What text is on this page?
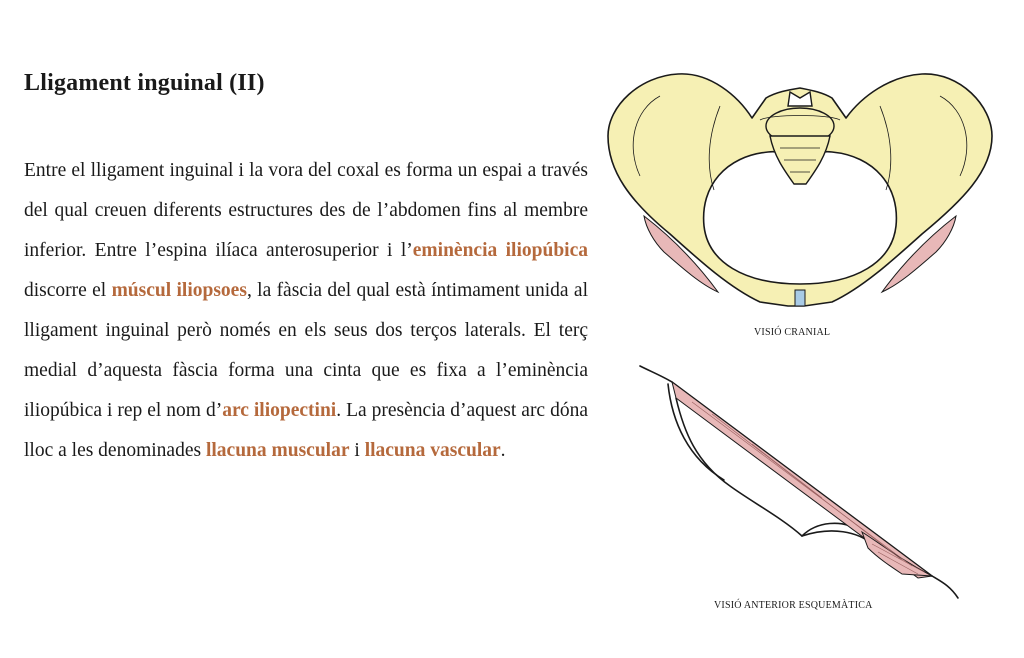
Lligament inguinal (II)
Entre el lligament inguinal i la vora del coxal es forma un espai a través del qual creuen diferents estructures des de l’abdomen fins al membre inferior. Entre l’espina ilíaca anterosuperior i l’eminència iliopúbica discorre el múscul iliopsoes, la fàscia del qual està íntimament unida al lligament inguinal però només en els seus dos terços laterals. El terç medial d’aquesta fàscia forma una cinta que es fixa a l’eminència iliopúbica i rep el nom d’arc iliopectini. La presència d’aquest arc dóna lloc a les denominades llacuna muscular i llacuna vascular.
VISIÓ CRANIAL
VISIÓ ANTERIOR ESQUEMÀTICA
